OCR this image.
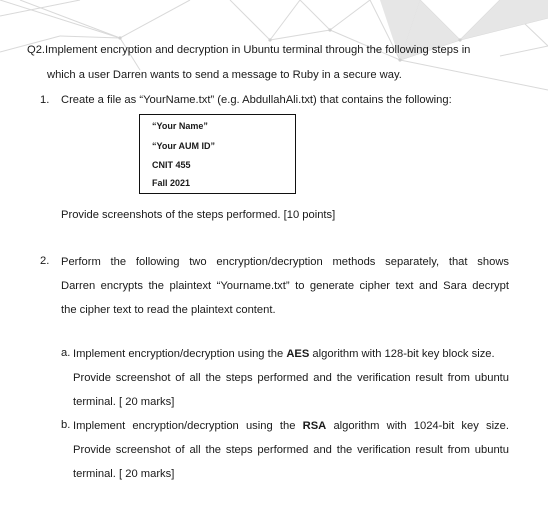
Q2.Implement encryption and decryption in Ubuntu terminal through the following steps in
which a user Darren wants to send a message to Ruby in a secure way.
1. Create a file as “YourName.txt” (e.g. AbdullahAli.txt) that contains the following:
“Your Name”
“Your AUM ID”
CNIT 455
Fall 2021
Provide screenshots of the steps performed. [10 points]
2. Perform the following two encryption/decryption methods separately, that shows
Darren encrypts the plaintext “Yourname.txt” to generate cipher text and Sara decrypt
the cipher text to read the plaintext content.
a. Implement encryption/decryption using the AES algorithm with 128-bit key block size.
Provide screenshot of all the steps performed and the verification result from ubuntu
terminal. [ 20 marks]
b. Implement encryption/decryption using the RSA algorithm with 1024-bit key size.
Provide screenshot of all the steps performed and the verification result from ubuntu
terminal. [ 20 marks]
